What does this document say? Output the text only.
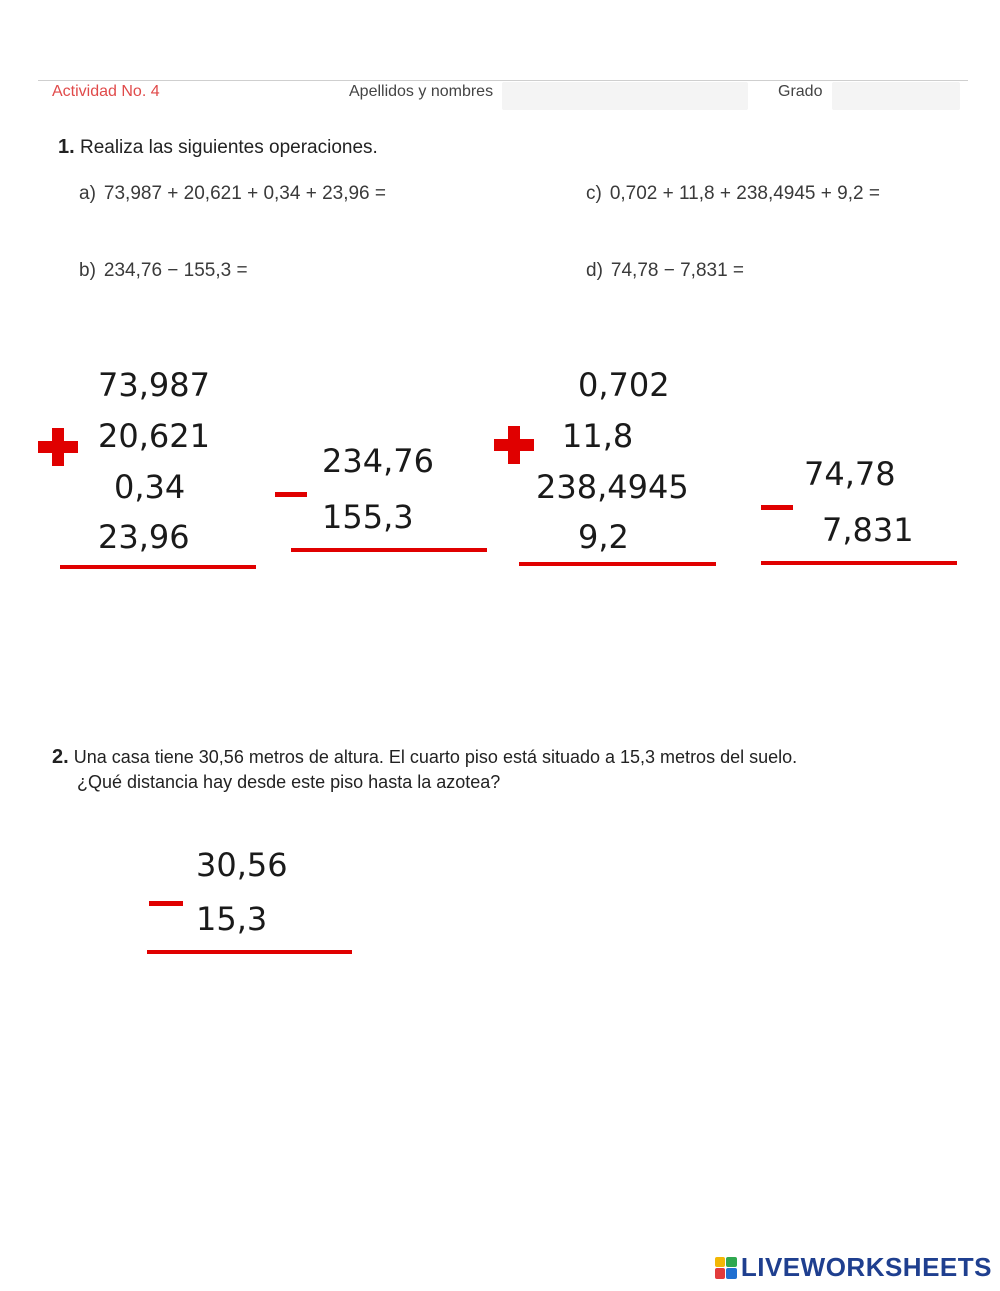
Actividad No. 4	Apellidos y nombres	Grado
1. Realiza las siguientes operaciones.
a) 73,987 + 20,621 + 0,34 + 23,96 =
b) 234,76 − 155,3 =
c) 0,702 + 11,8 + 238,4945 + 9,2 =
d) 74,78 − 7,831 =
73,987
20,621
0,34
23,96
234,76
155,3
0,702
11,8
238,4945
9,2
74,78
7,831
2. Una casa tiene 30,56 metros de altura. El cuarto piso está situado a 15,3 metros del suelo.
¿Qué distancia hay desde este piso hasta la azotea?
30,56
15,3
LIVEWORKSHEETS
